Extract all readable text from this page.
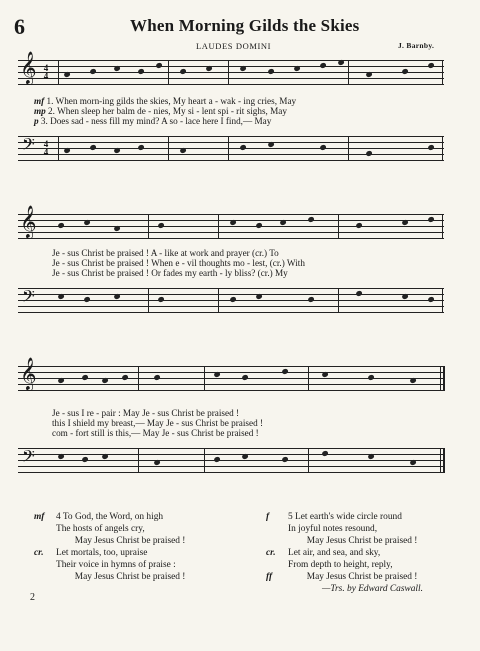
6	When Morning Gilds the Skies
LAUDES DOMINI	J. Barnby.
𝄞 4
4
mf 1. When morn-ing gilds the skies, My heart a - wak - ing cries, May
mp 2. When sleep her balm de - nies, My si - lent spi - rit sighs, May
p 3. Does sad - ness fill my mind? A so - lace here I find,— May
𝄢 4
4
𝄞
Je - sus Christ be praised ! A - like at work and prayer (cr.) To
Je - sus Christ be praised ! When e - vil thoughts mo - lest, (cr.) With
Je - sus Christ be praised ! Or fades my earth - ly bliss? (cr.) My
𝄢
𝄞
Je - sus I re - pair : May Je - sus Christ be praised !
this I shield my breast,— May Je - sus Christ be praised !
com - fort still is this,— May Je - sus Christ be praised !
𝄢
mf 4 To God, the Word, on high
The hosts of angels cry,
May Jesus Christ be praised !
cr. Let mortals, too, upraise
Their voice in hymns of praise :
May Jesus Christ be praised !
f 5 Let earth's wide circle round
In joyful notes resound,
May Jesus Christ be praised !
cr. Let air, and sea, and sky,
From depth to height, reply,
ff	May Jesus Christ be praised !
—Trs. by Edward Caswall.
2
